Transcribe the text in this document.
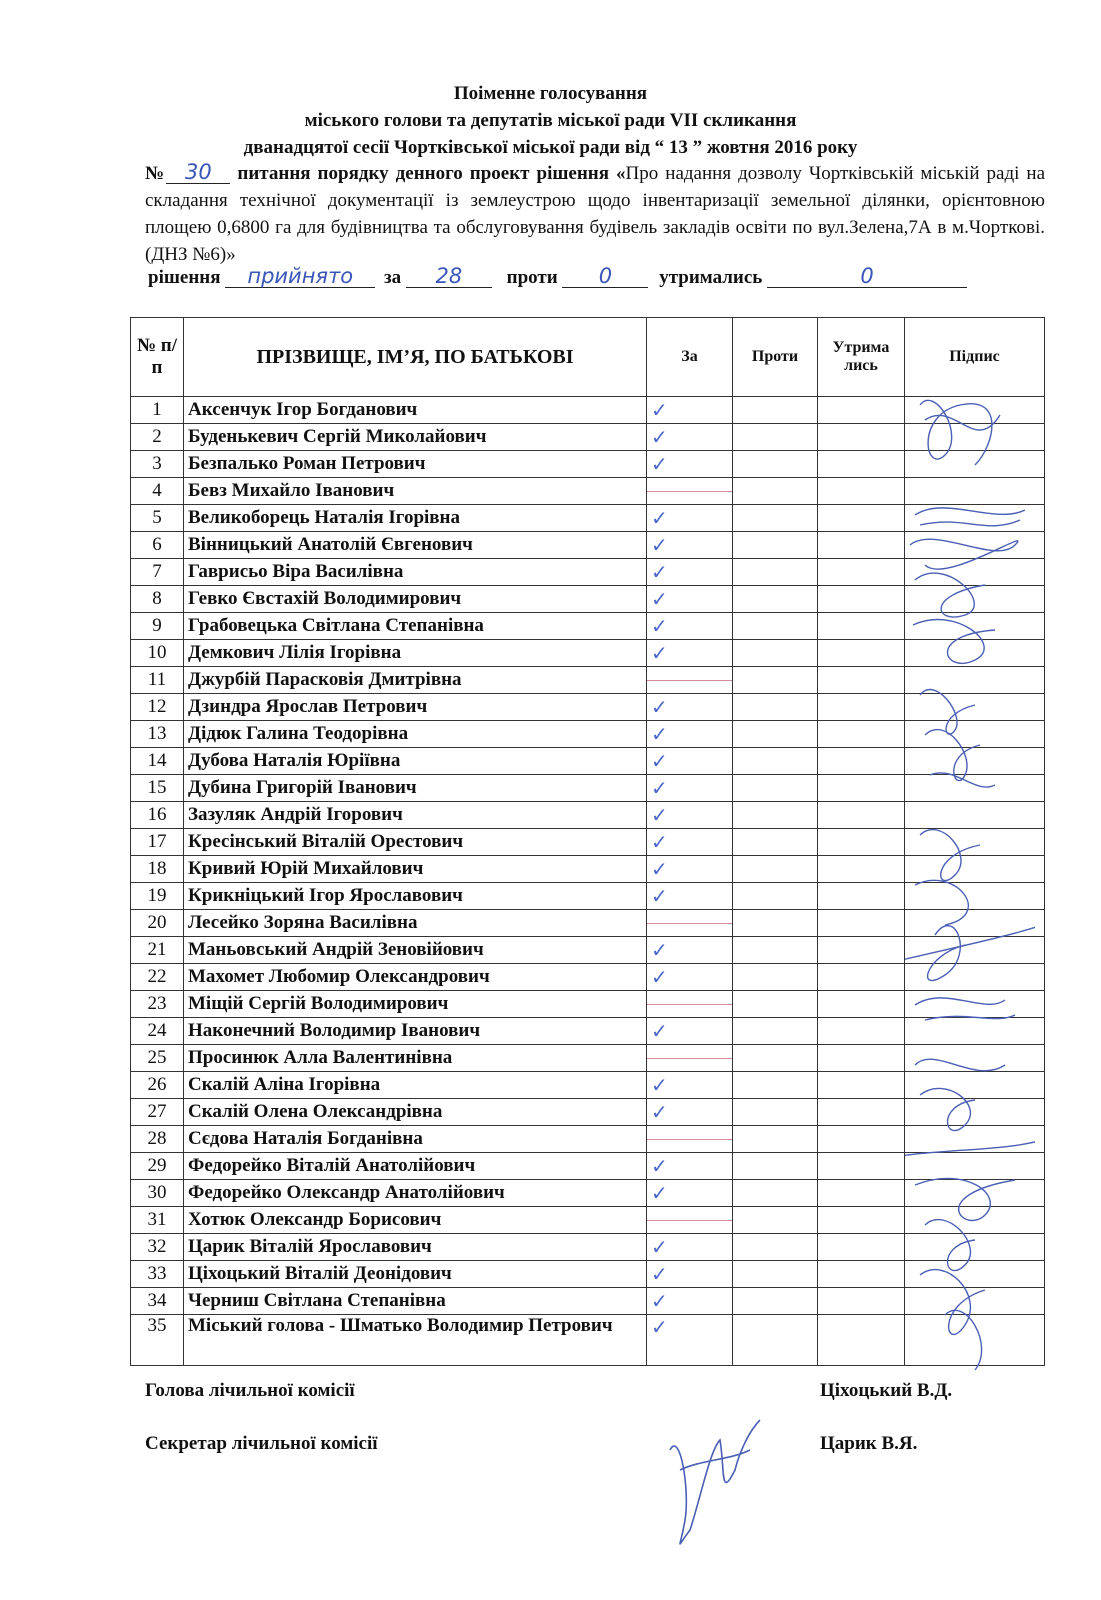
Поіменне голосування
міського голови та депутатів міської ради VII скликання
дванадцятої сесії Чортківської міської ради від “ 13 ” жовтня 2016 року
№ 30 питання порядку денного проект рішення «Про надання дозволу Чортківській міській раді на складання технічної документації із землеустрою щодо інвентаризації земельної ділянки, орієнтовною площею 0,6800 га для будівництва та обслуговування будівель закладів освіти по вул.Зелена,7А в м.Чорткові.(ДНЗ №6)»
рішення прийнято за 28 проти 0 утримались	0
№ п/п	ПРІЗВИЩЕ, ІМ’Я, ПО БАТЬКОВІ	За	Проти	Утрима лись	Підпис
1	Аксенчук Ігор Богданович	✓			
2	Буденькевич Сергій Миколайович	✓			
3	Безпалько Роман Петрович	✓			
4	Бевз Михайло Іванович	

5	Великоборець Наталія Ігорівна	✓			
6	Вінницький Анатолій Євгенович	✓			
7	Гаврисьо Віра Василівна	✓			
8	Гевко Євстахій Володимирович	✓			
9	Грабовецька Світлана Степанівна	✓			
10	Демкович Лілія Ігорівна	✓			
11	Джурбій Парасковія Дмитрівна	

12	Дзиндра Ярослав Петрович	✓			
13	Дідюк Галина Теодорівна	✓			
14	Дубова Наталія Юріївна	✓			
15	Дубина Григорій Іванович	✓			
16	Зазуляк Андрій Ігорович	✓			
17	Кресінський Віталій Орестович	✓			
18	Кривий Юрій Михайлович	✓			
19	Крикніцький Ігор Ярославович	✓			
20	Лесейко Зоряна Василівна	

21	Маньовський Андрій Зеновійович	✓			
22	Махомет Любомир Олександрович	✓			
23	Міщій Сергій Володимирович	

24	Наконечний Володимир Іванович	✓			
25	Просинюк Алла Валентинівна	

26	Скалій Аліна Ігорівна	✓			
27	Скалій Олена Олександрівна	✓			
28	Сєдова Наталія Богданівна	

29	Федорейко Віталій Анатолійович	✓			
30	Федорейко Олександр Анатолійович	✓			
31	Хотюк Олександр Борисович	

32	Царик Віталій Ярославович	✓			
33	Ціхоцький Віталій Деонідович	✓			
34	Черниш Світлана Степанівна	✓			
35	Міський голова - Шматько Володимир Петрович	✓			
Голова лічильної комісії	Ціхоцький В.Д.
Секретар лічильної комісії	Царик В.Я.
